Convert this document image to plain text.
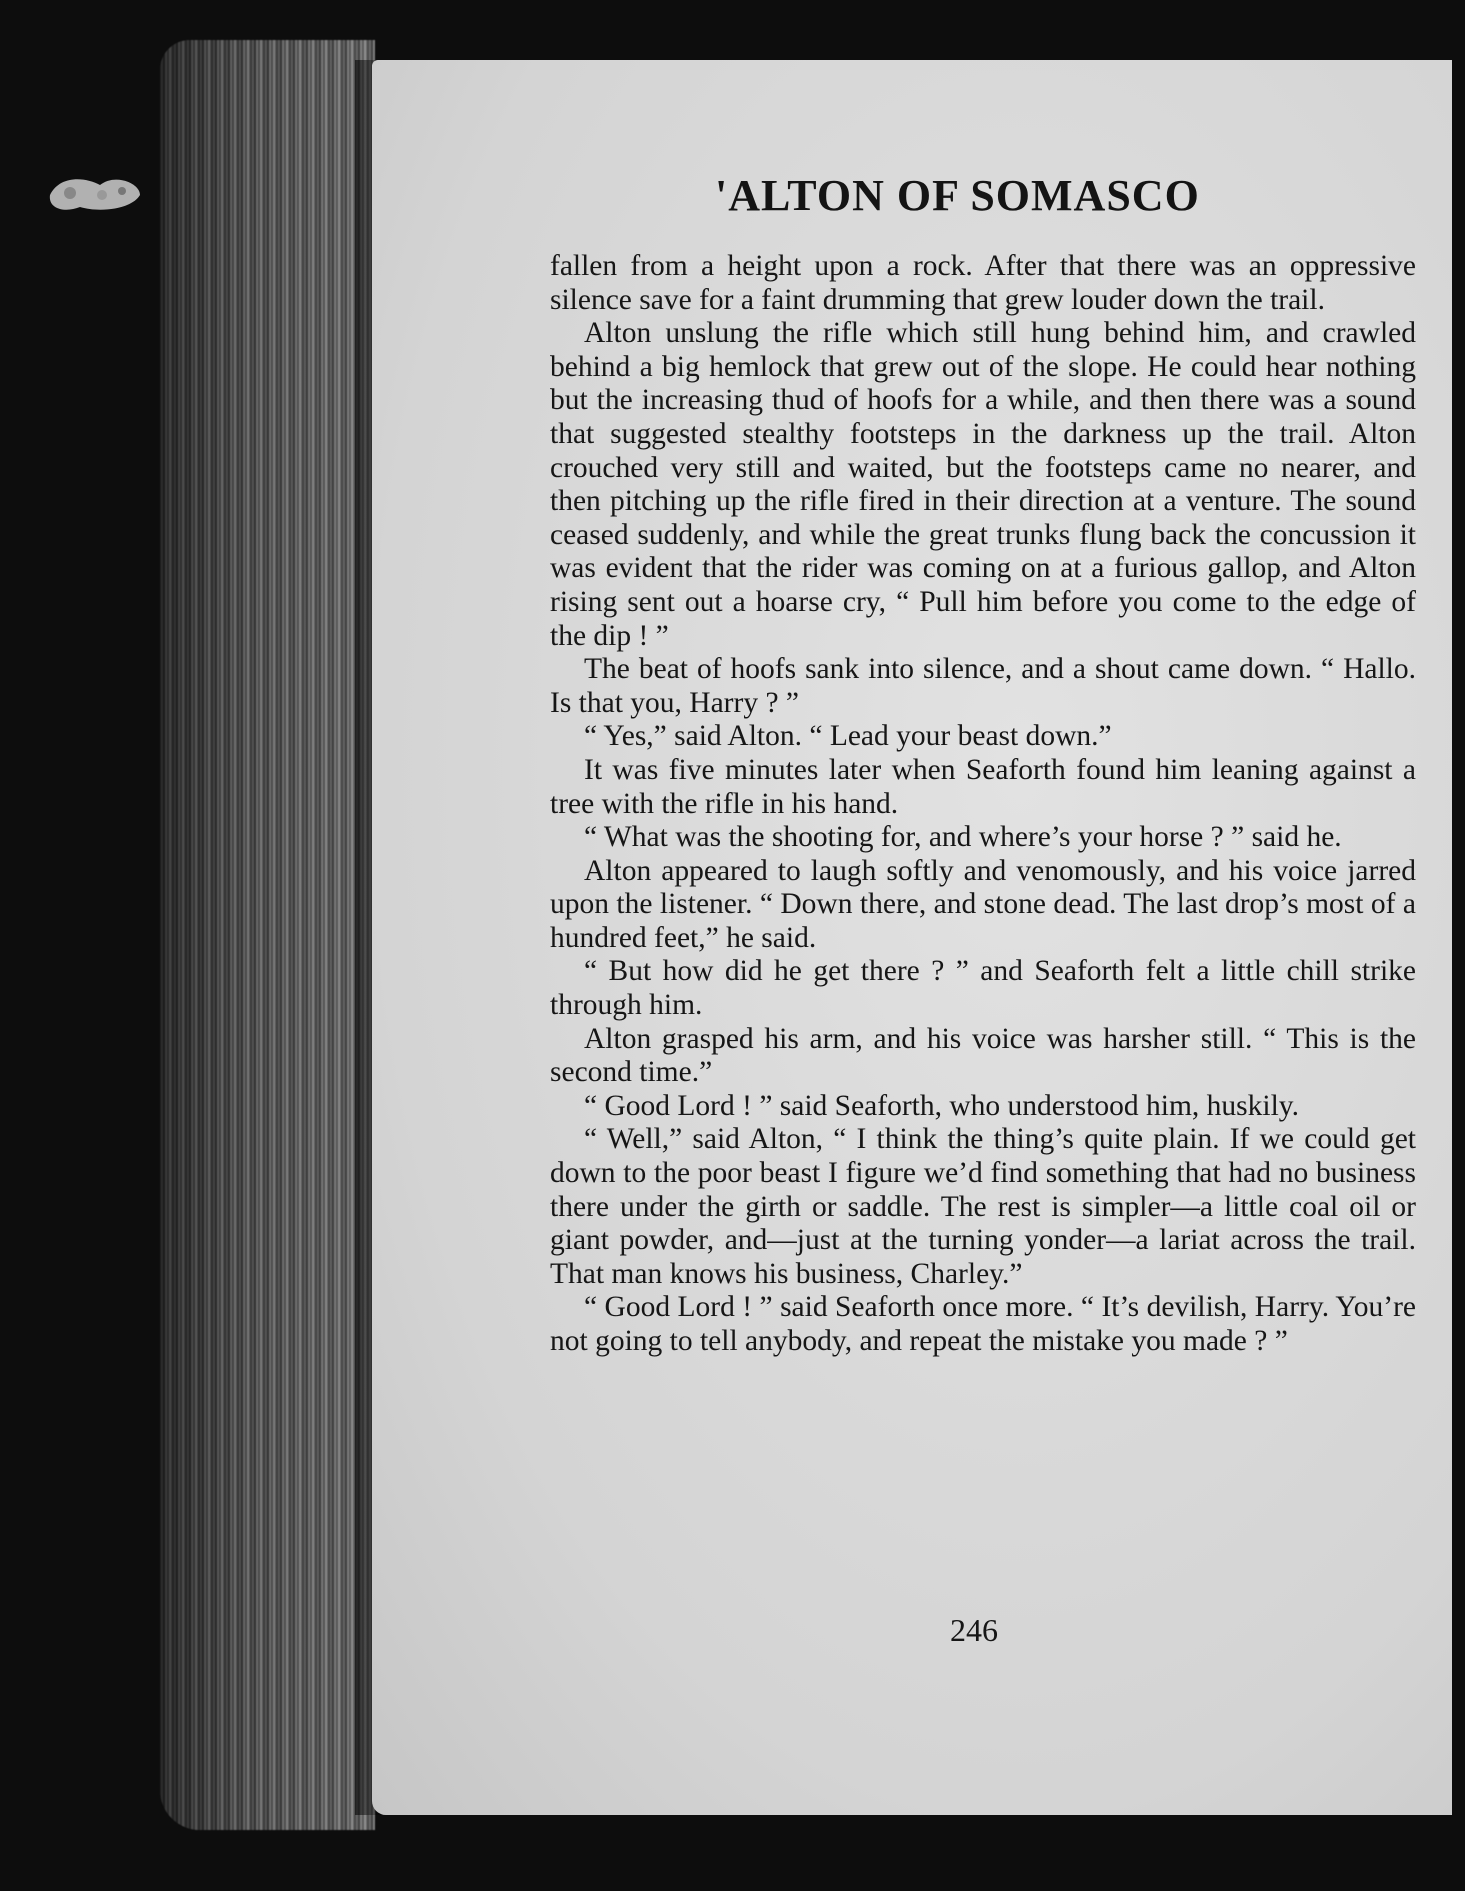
'ALTON OF SOMASCO

fallen from a height upon a rock. After that there was an oppressive silence save for a faint drumming that grew louder down the trail.

Alton unslung the rifle which still hung behind him, and crawled behind a big hemlock that grew out of the slope. He could hear nothing but the increasing thud of hoofs for a while, and then there was a sound that suggested stealthy footsteps in the darkness up the trail. Alton crouched very still and waited, but the footsteps came no nearer, and then pitching up the rifle fired in their direction at a venture. The sound ceased suddenly, and while the great trunks flung back the concussion it was evident that the rider was coming on at a furious gallop, and Alton rising sent out a hoarse cry, “ Pull him before you come to the edge of the dip ! ”

The beat of hoofs sank into silence, and a shout came down. “ Hallo. Is that you, Harry ? ”

“ Yes,” said Alton. “ Lead your beast down.”

It was five minutes later when Seaforth found him leaning against a tree with the rifle in his hand.

“ What was the shooting for, and where’s your horse ? ” said he.

Alton appeared to laugh softly and venomously, and his voice jarred upon the listener. “ Down there, and stone dead. The last drop’s most of a hundred feet,” he said.

“ But how did he get there ? ” and Seaforth felt a little chill strike through him.

Alton grasped his arm, and his voice was harsher still. “ This is the second time.”

“ Good Lord ! ” said Seaforth, who understood him, huskily.

“ Well,” said Alton, “ I think the thing’s quite plain. If we could get down to the poor beast I figure we’d find something that had no business there under the girth or saddle. The rest is simpler—a little coal oil or giant powder, and—just at the turning yonder—a lariat across the trail. That man knows his business, Charley.”

“ Good Lord ! ” said Seaforth once more. “ It’s devilish, Harry. You’re not going to tell anybody, and repeat the mistake you made ? ”

246
